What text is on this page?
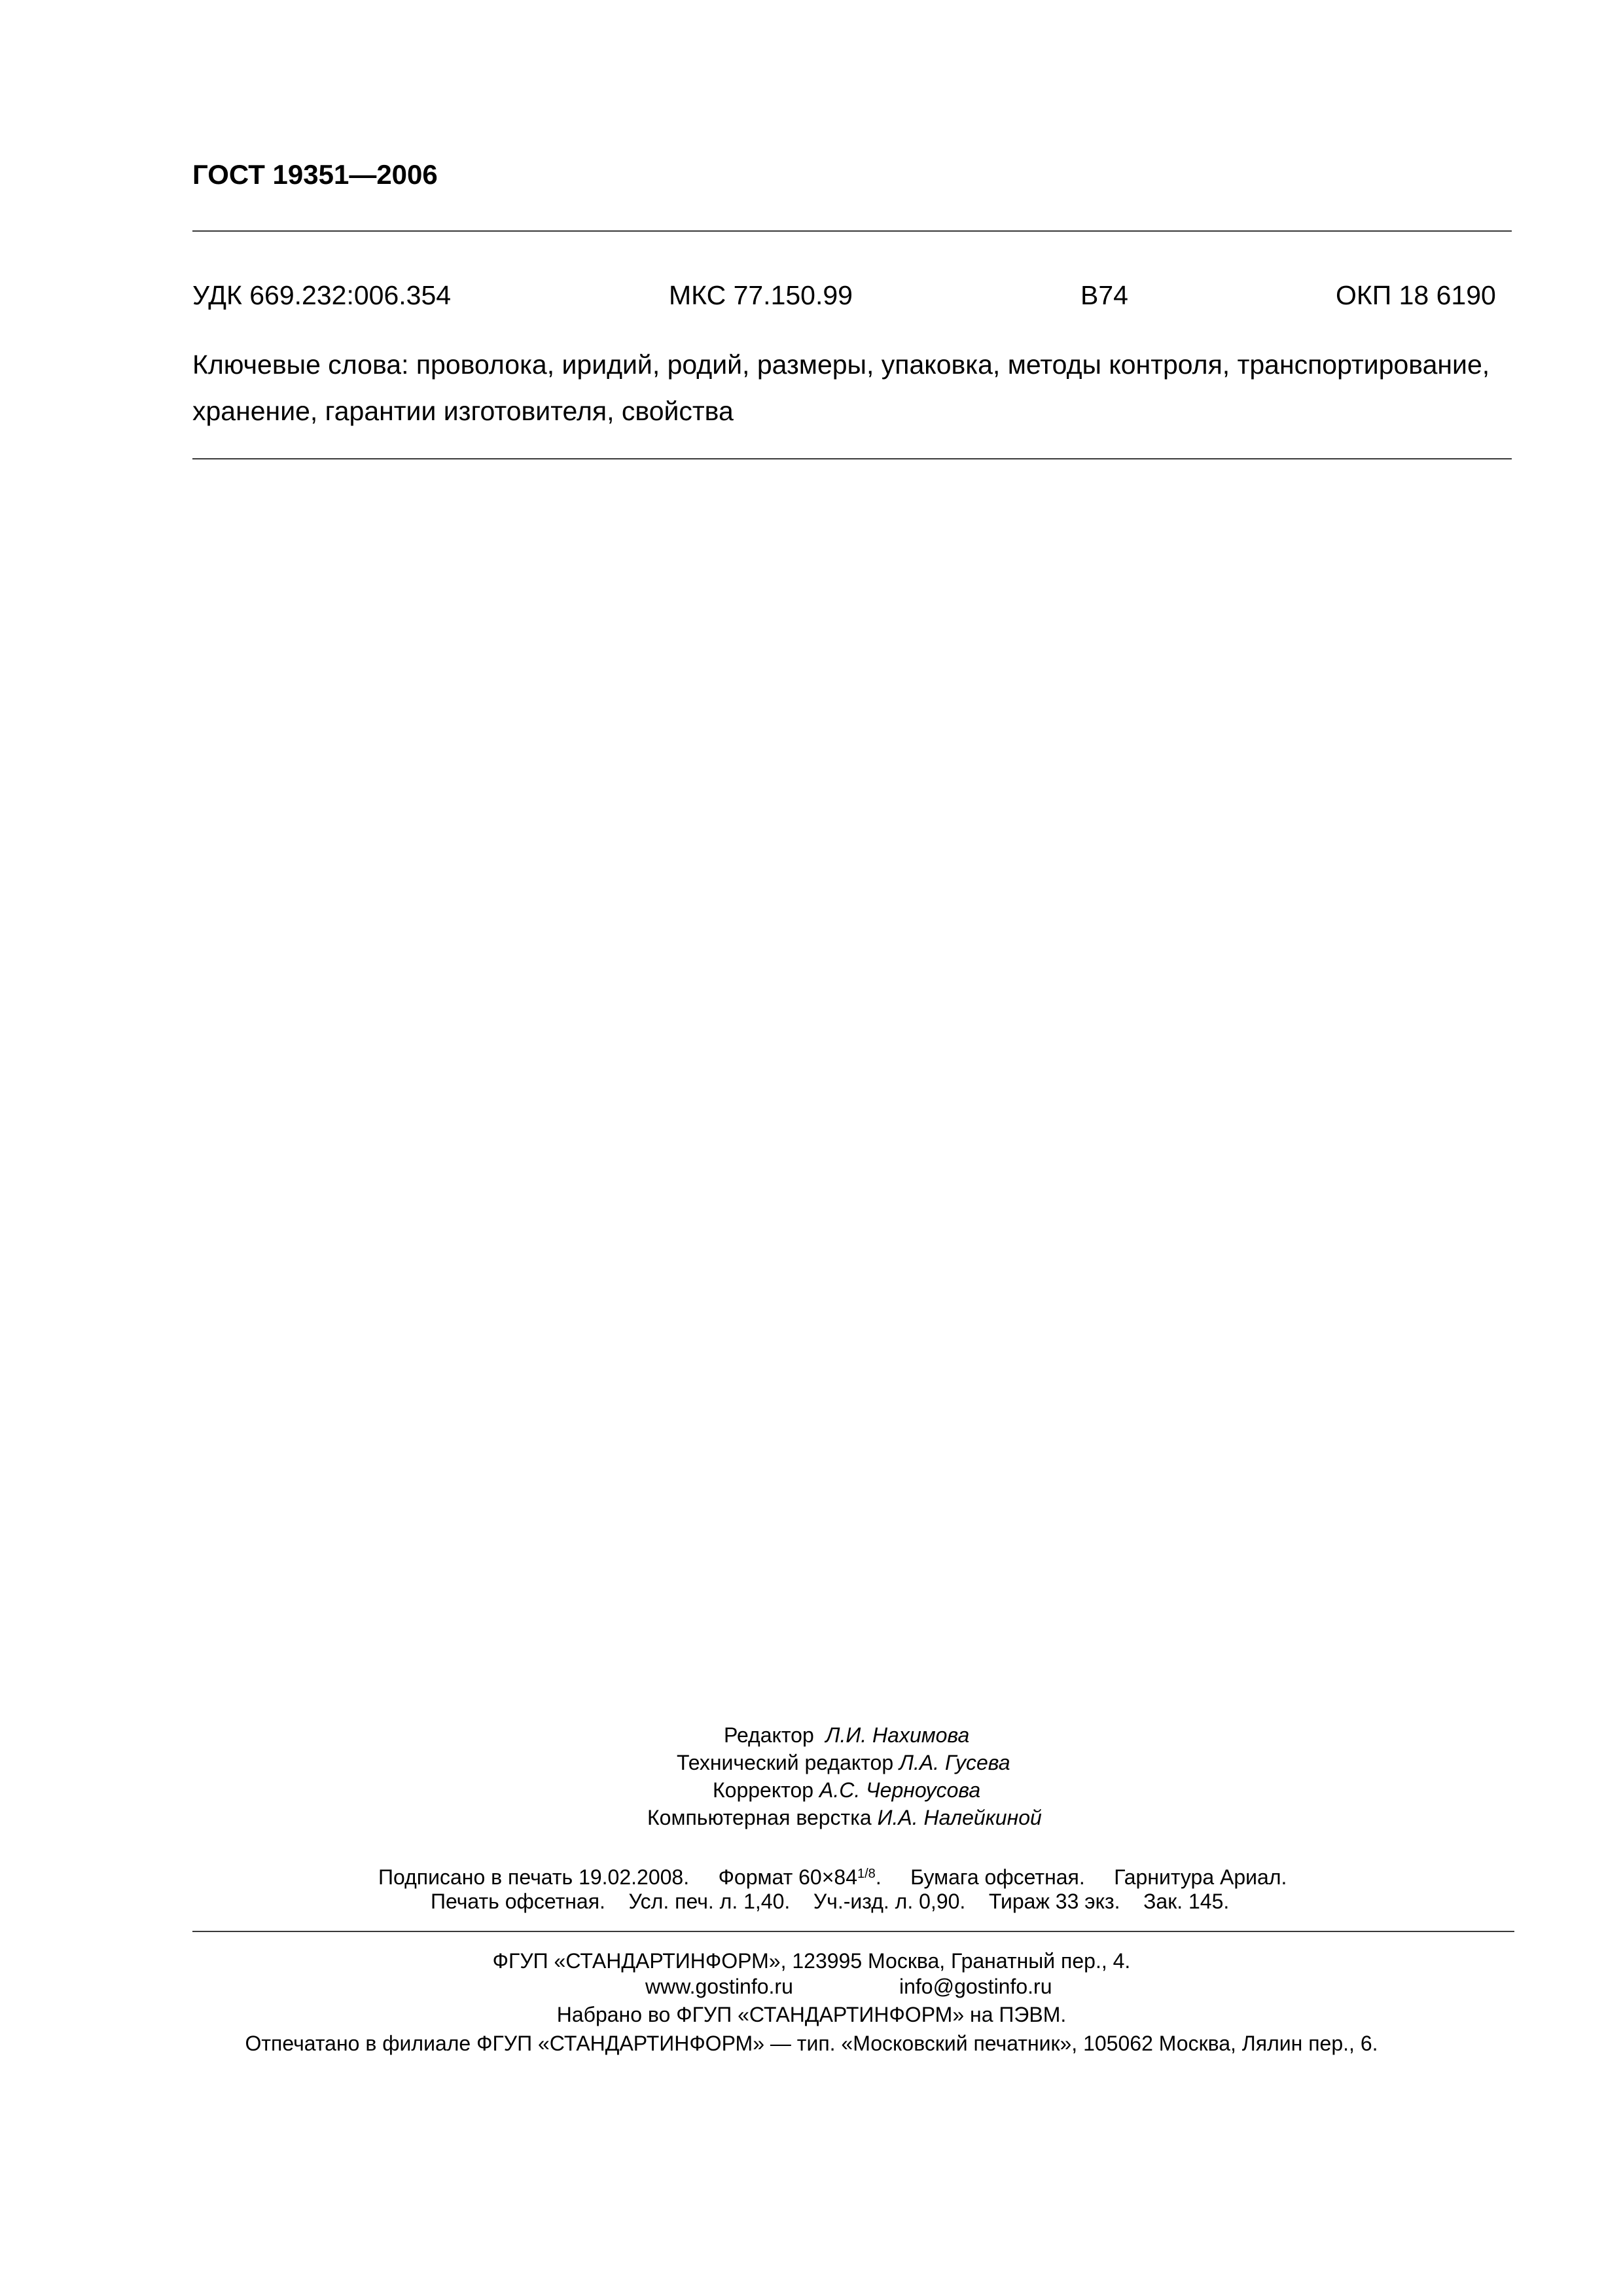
ГОСТ 19351—2006
УДК 669.232:006.354	МКС 77.150.99	В74	ОКП 18 6190
Ключевые слова: проволока, иридий, родий, размеры, упаковка, методы контроля, транспортирование, хранение, гарантии изготовителя, свойства
Редактор Л.И. Нахимова
Технический редактор Л.А. Гусева
Корректор А.С. Черноусова
Компьютерная верстка И.А. Налейкиной
Подписано в печать 19.02.2008. Формат $60\times 84^{1/8}$. Бумага офсетная. Гарнитура Ариал.
Печать офсетная. Усл. печ. л. 1,40. Уч.-изд. л. 0,90. Тираж 33 экз. Зак. 145.
ФГУП «СТАНДАРТИНФОРМ», 123995 Москва, Гранатный пер., 4.
www.gostinfo.ru	info@gostinfo.ru
Набрано во ФГУП «СТАНДАРТИНФОРМ» на ПЭВМ.
Отпечатано в филиале ФГУП «СТАНДАРТИНФОРМ» — тип. «Московский печатник», 105062 Москва, Лялин пер., 6.
